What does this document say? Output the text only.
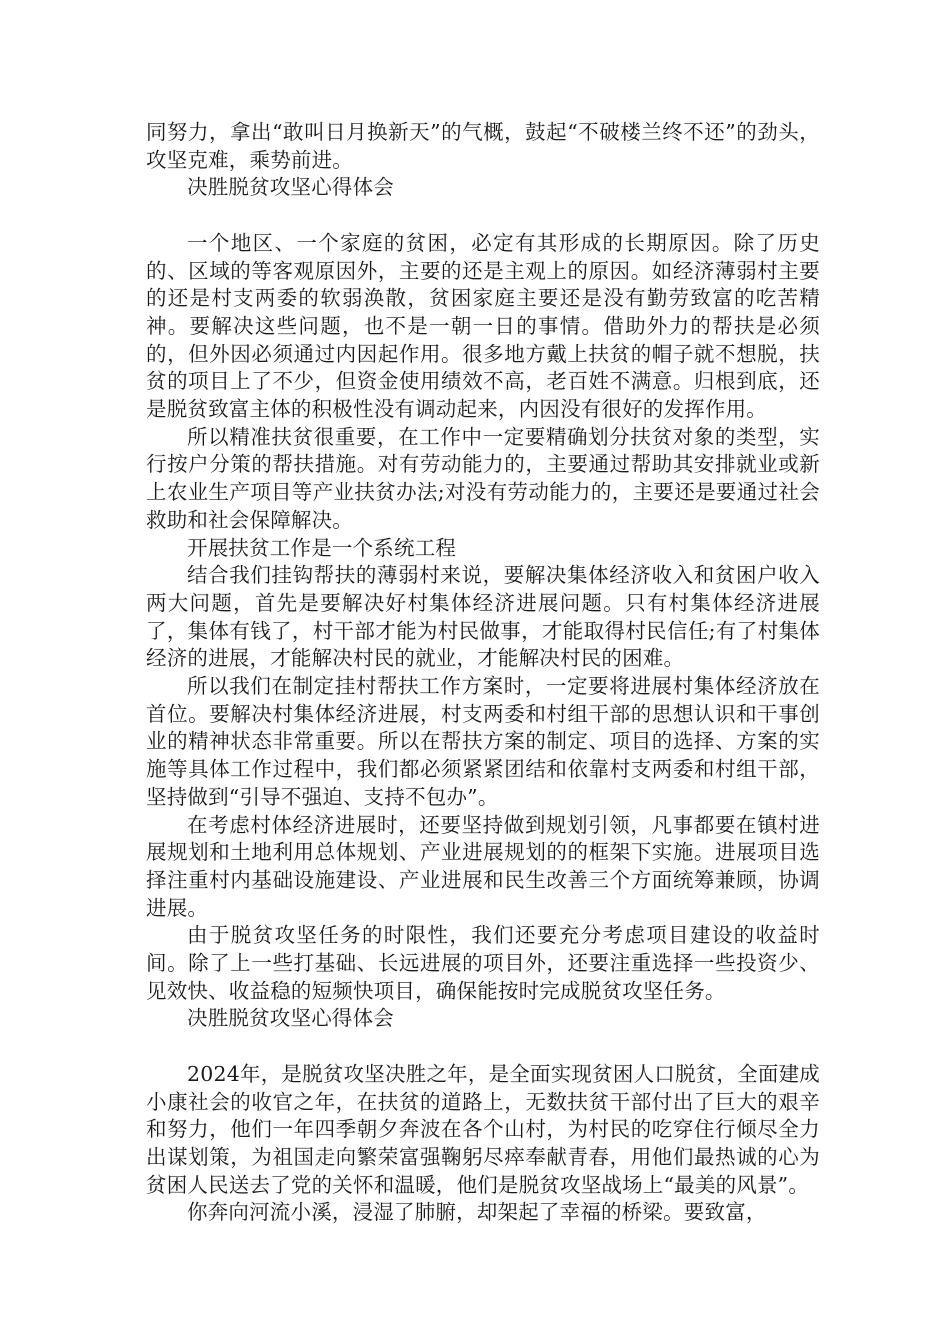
同努力，拿出“敢叫日月换新天”的气概，鼓起“不破楼兰终不还”的劲头，攻坚克难，乘势前进。

决胜脱贫攻坚心得体会

一个地区、一个家庭的贫困，必定有其形成的长期原因。除了历史的、区域的等客观原因外，主要的还是主观上的原因。如经济薄弱村主要的还是村支两委的软弱涣散，贫困家庭主要还是没有勤劳致富的吃苦精神。要解决这些问题，也不是一朝一日的事情。借助外力的帮扶是必须的，但外因必须通过内因起作用。很多地方戴上扶贫的帽子就不想脱，扶贫的项目上了不少，但资金使用绩效不高，老百姓不满意。归根到底，还是脱贫致富主体的积极性没有调动起来，内因没有很好的发挥作用。

所以精准扶贫很重要，在工作中一定要精确划分扶贫对象的类型，实行按户分策的帮扶措施。对有劳动能力的，主要通过帮助其安排就业或新上农业生产项目等产业扶贫办法;对没有劳动能力的，主要还是要通过社会救助和社会保障解决。

开展扶贫工作是一个系统工程

结合我们挂钩帮扶的薄弱村来说，要解决集体经济收入和贫困户收入两大问题，首先是要解决好村集体经济进展问题。只有村集体经济进展了，集体有钱了，村干部才能为村民做事，才能取得村民信任;有了村集体经济的进展，才能解决村民的就业，才能解决村民的困难。

所以我们在制定挂村帮扶工作方案时，一定要将进展村集体经济放在首位。要解决村集体经济进展，村支两委和村组干部的思想认识和干事创业的精神状态非常重要。所以在帮扶方案的制定、项目的选择、方案的实施等具体工作过程中，我们都必须紧紧团结和依靠村支两委和村组干部，坚持做到“引导不强迫、支持不包办”。

在考虑村体经济进展时，还要坚持做到规划引领，凡事都要在镇村进展规划和土地利用总体规划、产业进展规划的的框架下实施。进展项目选择注重村内基础设施建设、产业进展和民生改善三个方面统筹兼顾，协调进展。

由于脱贫攻坚任务的时限性，我们还要充分考虑项目建设的收益时间。除了上一些打基础、长远进展的项目外，还要注重选择一些投资少、见效快、收益稳的短频快项目，确保能按时完成脱贫攻坚任务。

决胜脱贫攻坚心得体会

2024年，是脱贫攻坚决胜之年，是全面实现贫困人口脱贫，全面建成小康社会的收官之年，在扶贫的道路上，无数扶贫干部付出了巨大的艰辛和努力，他们一年四季朝夕奔波在各个山村，为村民的吃穿住行倾尽全力出谋划策，为祖国走向繁荣富强鞠躬尽瘁奉献青春，用他们最热诚的心为贫困人民送去了党的关怀和温暖，他们是脱贫攻坚战场上“最美的风景”。

你奔向河流小溪，浸湿了肺腑，却架起了幸福的桥梁。要致富，
